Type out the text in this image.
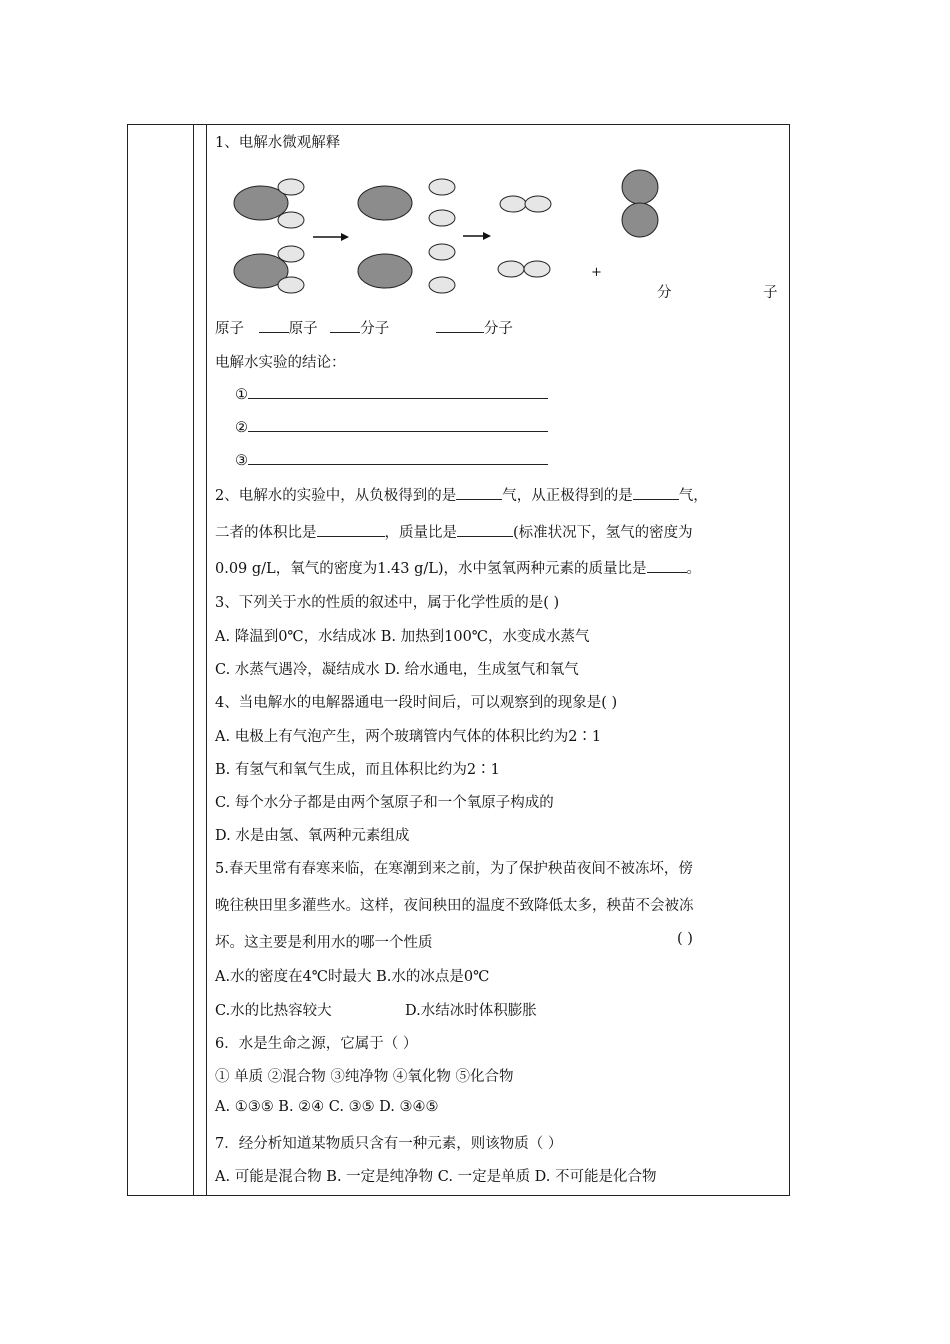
1、电解水微观解释
+
分	子
原子	原子	分子	分子
电解水实验的结论：
①
②
③
2、电解水的实验中，从负极得到的是	气，从正极得到的是	气，
二者的体积比是	，质量比是	(标准状况下，氢气的密度为
0.09 g/L，氧气的密度为1.43 g/L)，水中氢氧两种元素的质量比是	。
3、下列关于水的性质的叙述中，属于化学性质的是( )
A. 降温到0℃，水结成冰 B. 加热到100℃，水变成水蒸气
C. 水蒸气遇冷，凝结成水 D. 给水通电，生成氢气和氧气
4、当电解水的电解器通电一段时间后，可以观察到的现象是( )
A. 电极上有气泡产生，两个玻璃管内气体的体积比约为2∶1
B. 有氢气和氧气生成，而且体积比约为2∶1
C. 每个水分子都是由两个氢原子和一个氧原子构成的
D. 水是由氢、氧两种元素组成
5.春天里常有春寒来临，在寒潮到来之前，为了保护秧苗夜间不被冻坏，傍
晚往秧田里多灌些水。这样，夜间秧田的温度不致降低太多，秧苗不会被冻
坏。这主要是利用水的哪一个性质	( )
A.水的密度在4℃时最大 B.水的冰点是0℃
C.水的比热容较大	D.水结冰时体积膨胀
6．水是生命之源，它属于（ ）
① 单质 ②混合物 ③纯净物 ④氧化物 ⑤化合物
A. ①③⑤ B. ②④ C. ③⑤ D. ③④⑤
7．经分析知道某物质只含有一种元素，则该物质（ ）
A. 可能是混合物 B. 一定是纯净物 C. 一定是单质 D. 不可能是化合物
